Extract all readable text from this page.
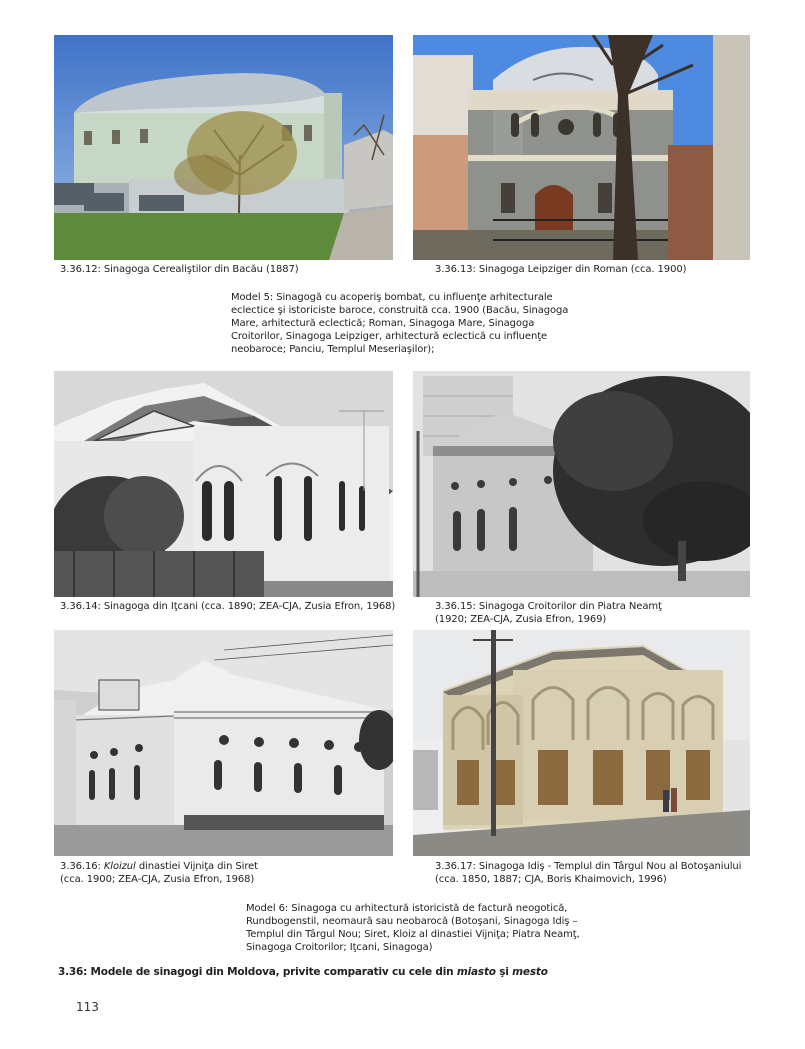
3.36.12: Sinagoga Cerealiştilor din Bacău (1887)	3.36.13: Sinagoga Leipziger din Roman (cca. 1900)
Model 5: Sinagogă cu acoperiş bombat, cu influenţe arhitecturale
eclectice şi istoriciste baroce, construită cca. 1900 (Bacău, Sinagoga
Mare, arhitectură eclectică; Roman, Sinagoga Mare, Sinagoga
Croitorilor, Sinagoga Leipziger, arhitectură eclectică cu influenţe
neobaroce; Panciu, Templul Meseriaşilor);
3.36.14: Sinagoga din Iţcani (cca. 1890; ZEA-CJA, Zusia Efron, 1968)	3.36.15: Sinagoga Croitorilor din Piatra Neamţ
(1920; ZEA-CJA, Zusia Efron, 1969)
3.36.16: Kloizul dinastiei Vijniţa din Siret
(cca. 1900; ZEA-CJA, Zusia Efron, 1968)
3.36.17: Sinagoga Idiş - Templul din Târgul Nou al Botoşaniului
(cca. 1850, 1887; CJA, Boris Khaimovich, 1996)
Model 6: Sinagoga cu arhitectură istoricistă de factură neogotică,
Rundbogenstil, neomaură sau neobarocă (Botoşani, Sinagoga Idiş –
Templul din Târgul Nou; Siret, Kloiz al dinastiei Vijniţa; Piatra Neamţ,
Sinagoga Croitorilor; Iţcani, Sinagoga)
3.36: Modele de sinagogi din Moldova, privite comparativ cu cele din miasto şi mesto
113
